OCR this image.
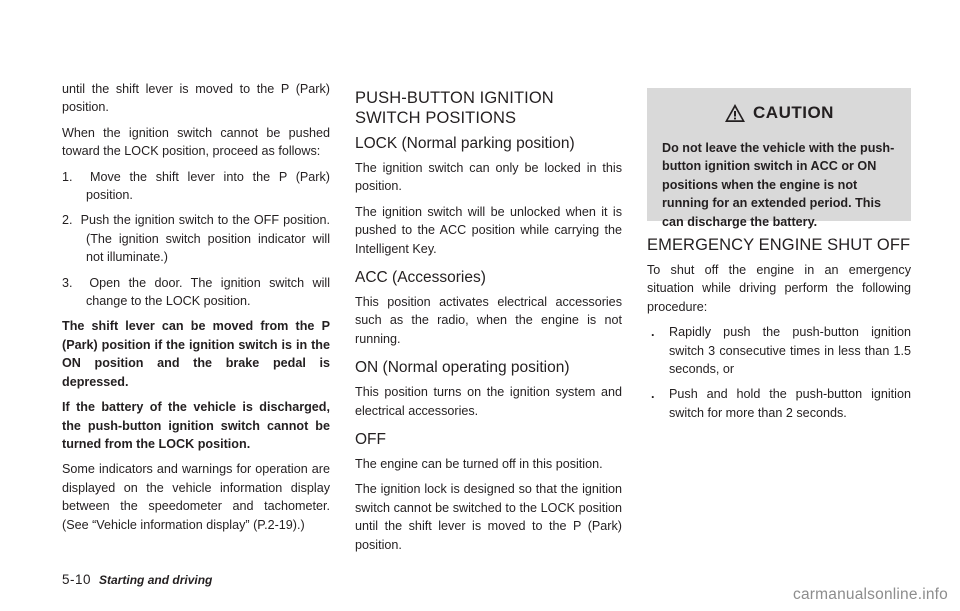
until the shift lever is moved to the P (Park) position.

When the ignition switch cannot be pushed toward the LOCK position, proceed as follows:

1. Move the shift lever into the P (Park) position.
2. Push the ignition switch to the OFF position. (The ignition switch position indicator will not illuminate.)
3. Open the door. The ignition switch will change to the LOCK position.

The shift lever can be moved from the P (Park) position if the ignition switch is in the ON position and the brake pedal is depressed.

If the battery of the vehicle is discharged, the push-button ignition switch cannot be turned from the LOCK position.

Some indicators and warnings for operation are displayed on the vehicle information display between the speedometer and tachometer. (See “Vehicle information display” (P.2-19).)

PUSH-BUTTON IGNITION SWITCH POSITIONS
LOCK (Normal parking position)

The ignition switch can only be locked in this position.

The ignition switch will be unlocked when it is pushed to the ACC position while carrying the Intelligent Key.

ACC (Accessories)

This position activates electrical accessories such as the radio, when the engine is not running.

ON (Normal operating position)

This position turns on the ignition system and electrical accessories.

OFF

The engine can be turned off in this position.

The ignition lock is designed so that the ignition switch cannot be switched to the LOCK position until the shift lever is moved to the P (Park) position.

CAUTION
Do not leave the vehicle with the push-button ignition switch in ACC or ON positions when the engine is not running for an extended period. This can discharge the battery.
EMERGENCY ENGINE SHUT OFF

To shut off the engine in an emergency situation while driving perform the following procedure:

.	Rapidly push the push-button ignition switch 3 consecutive times in less than 1.5 seconds, or
.	Push and hold the push-button ignition switch for more than 2 seconds.
5-10 Starting and driving
carmanualsonline.info
